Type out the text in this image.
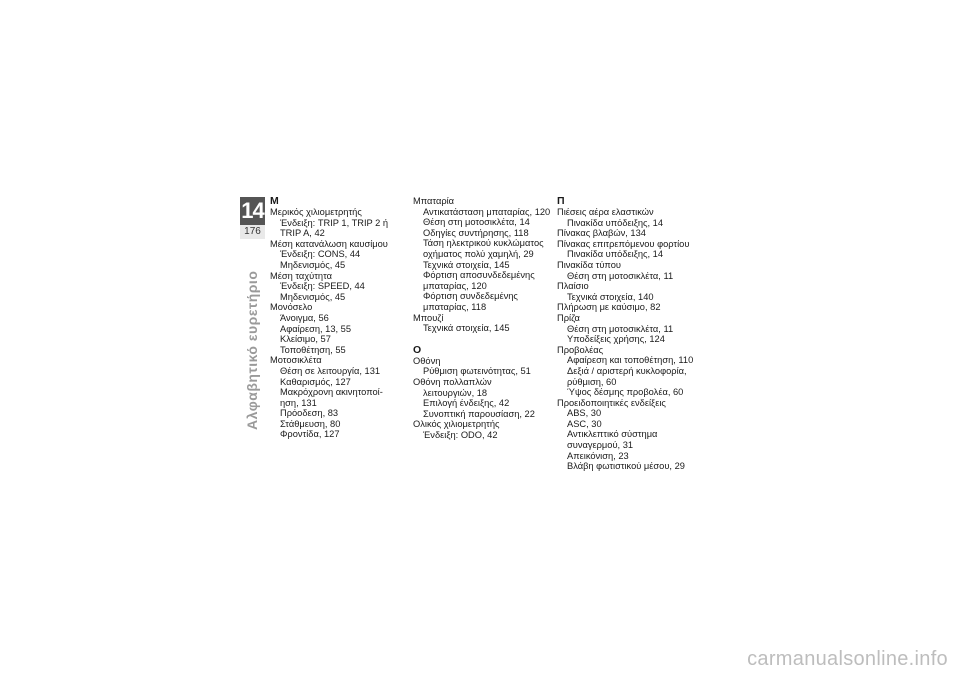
14
176
Αλφαβητικό ευρετήριο

Μ

Μερικός χιλιομετρητής
Ένδειξη: TRIP 1, TRIP 2 ή
TRIP A, 42

Μέση κατανάλωση καυσίμου
Ένδειξη: CONS, 44
Μηδενισμός, 45

Μέση ταχύτητα
Ένδειξη: SPEED, 44
Μηδενισμός, 45

Μονόσελο
Άνοιγμα, 56
Αφαίρεση, 13, 55
Κλείσιμο, 57
Τοποθέτηση, 55

Μοτοσικλέτα
Θέση σε λειτουργία, 131
Καθαρισμός, 127
Μακρόχρονη ακινητοποί-
ηση, 131
Πρόοδεση, 83
Στάθμευση, 80
Φροντίδα, 127

Μπαταρία
Αντικατάσταση μπαταρίας, 120
Θέση στη μοτοσικλέτα, 14
Οδηγίες συντήρησης, 118
Τάση ηλεκτρικού κυκλώματος
οχήματος πολύ χαμηλή, 29
Τεχνικά στοιχεία, 145
Φόρτιση αποσυνδεδεμένης
μπαταρίας, 120
Φόρτιση συνδεδεμένης
μπαταρίας, 118

Μπουζί
Τεχνικά στοιχεία, 145

Ο

Οθόνη
Ρύθμιση φωτεινότητας, 51

Οθόνη πολλαπλών
λειτουργιών, 18
Επιλογή ένδειξης, 42
Συνοπτική παρουσίαση, 22

Ολικός χιλιομετρητής
Ένδειξη: ODO, 42

Π

Πιέσεις αέρα ελαστικών
Πινακίδα υπόδειξης, 14

Πίνακας βλαβών, 134

Πίνακας επιτρεπόμενου φορτίου
Πινακίδα υπόδειξης, 14

Πινακίδα τύπου
Θέση στη μοτοσικλέτα, 11

Πλαίσιο
Τεχνικά στοιχεία, 140

Πλήρωση με καύσιμο, 82

Πρίζα
Θέση στη μοτοσικλέτα, 11
Υποδείξεις χρήσης, 124

Προβολέας
Αφαίρεση και τοποθέτηση, 110
Δεξιά / αριστερή κυκλοφορία,
ρύθμιση, 60
Ύψος δέσμης προβολέα, 60

Προειδοποιητικές ενδείξεις
ABS, 30
ASC, 30
Αντικλεπτικό σύστημα
συναγερμού, 31
Απεικόνιση, 23
Βλάβη φωτιστικού μέσου, 29

carmanualsonline.info
